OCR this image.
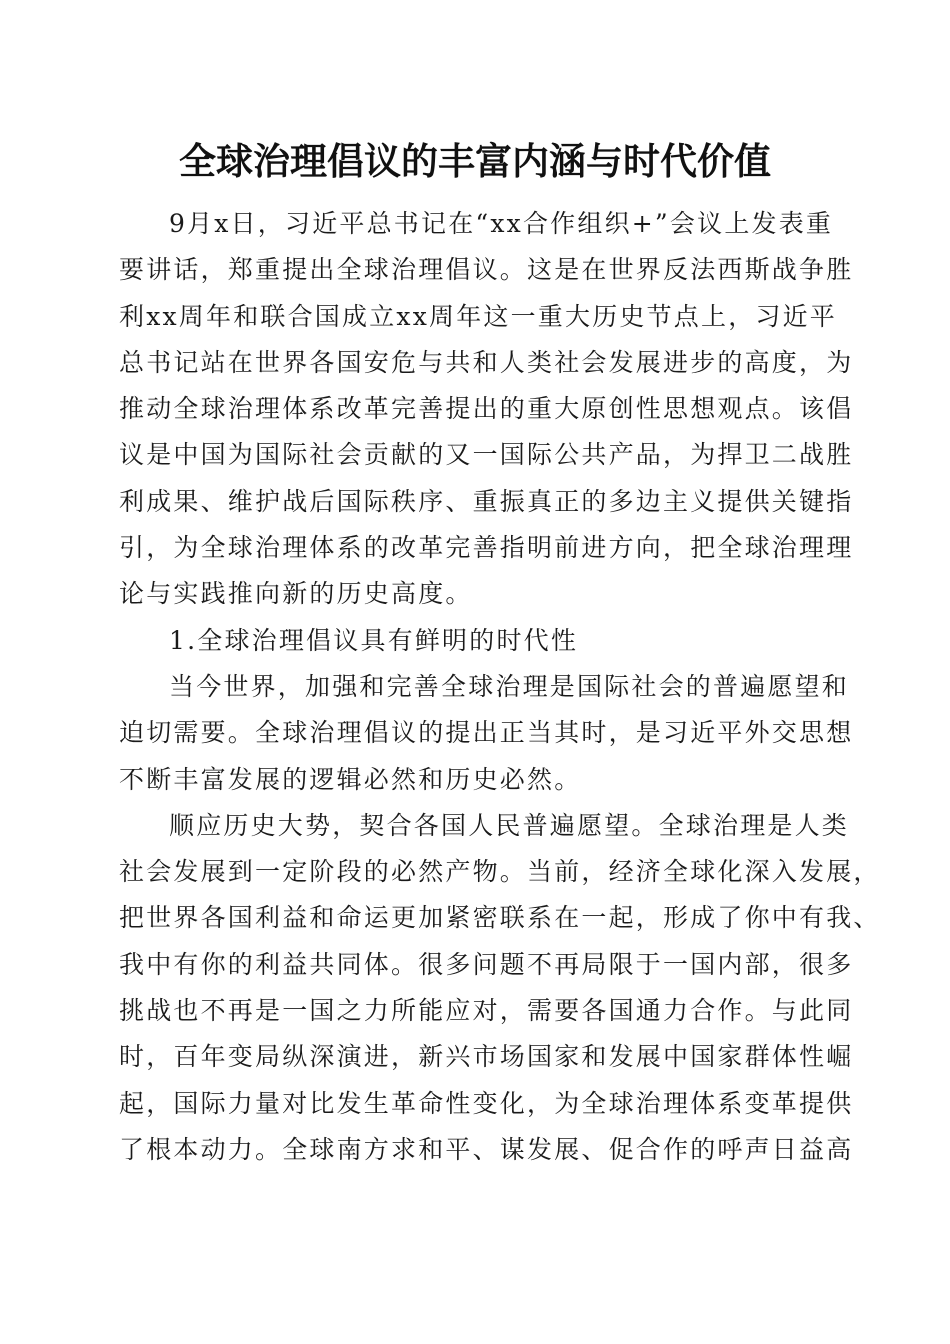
全球治理倡议的丰富内涵与时代价值

9月x日，习近平总书记在“xx合作组织+”会议上发表重
要讲话，郑重提出全球治理倡议。这是在世界反法西斯战争胜
利xx周年和联合国成立xx周年这一重大历史节点上，习近平
总书记站在世界各国安危与共和人类社会发展进步的高度，为
推动全球治理体系改革完善提出的重大原创性思想观点。该倡
议是中国为国际社会贡献的又一国际公共产品，为捍卫二战胜
利成果、维护战后国际秩序、重振真正的多边主义提供关键指
引，为全球治理体系的改革完善指明前进方向，把全球治理理
论与实践推向新的历史高度。

1.全球治理倡议具有鲜明的时代性

当今世界，加强和完善全球治理是国际社会的普遍愿望和
迫切需要。全球治理倡议的提出正当其时，是习近平外交思想
不断丰富发展的逻辑必然和历史必然。

顺应历史大势，契合各国人民普遍愿望。全球治理是人类
社会发展到一定阶段的必然产物。当前，经济全球化深入发展，
把世界各国利益和命运更加紧密联系在一起，形成了你中有我、
我中有你的利益共同体。很多问题不再局限于一国内部，很多
挑战也不再是一国之力所能应对，需要各国通力合作。与此同
时，百年变局纵深演进，新兴市场国家和发展中国家群体性崛
起，国际力量对比发生革命性变化，为全球治理体系变革提供
了根本动力。全球南方求和平、谋发展、促合作的呼声日益高
